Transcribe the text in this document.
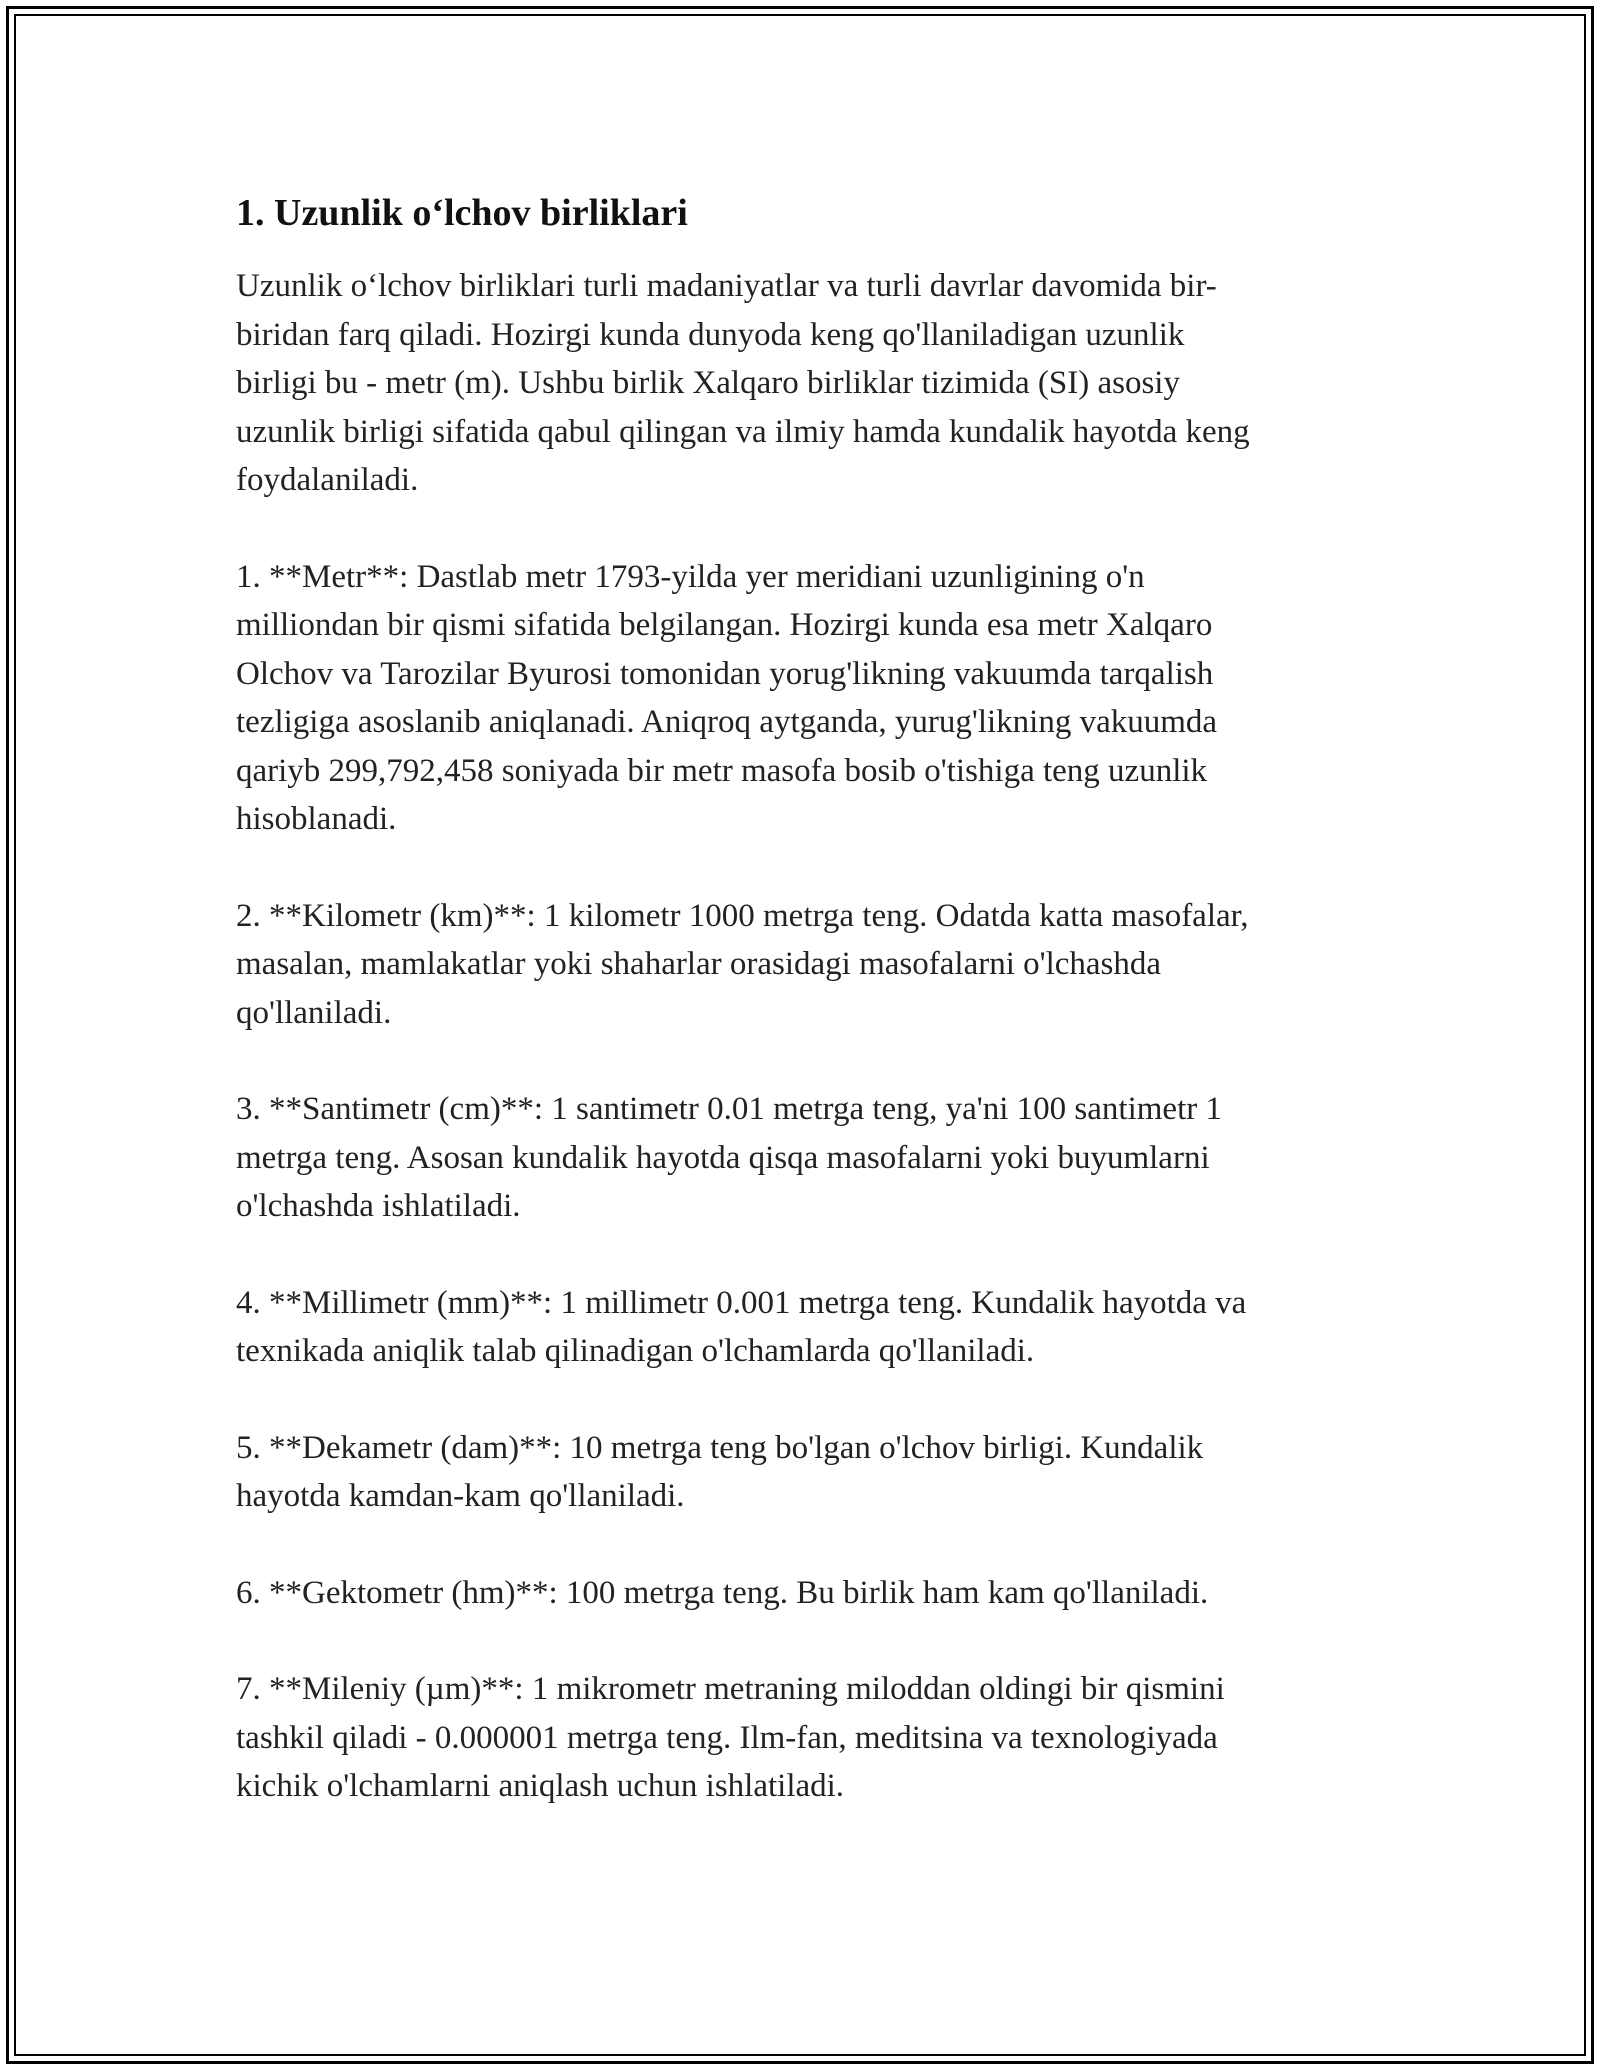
1. Uzunlik o‘lchov birliklari

Uzunlik o‘lchov birliklari turli madaniyatlar va turli davrlar davomida bir-
biridan farq qiladi. Hozirgi kunda dunyoda keng qo'llaniladigan uzunlik
birligi bu - metr (m). Ushbu birlik Xalqaro birliklar tizimida (SI) asosiy
uzunlik birligi sifatida qabul qilingan va ilmiy hamda kundalik hayotda keng
foydalaniladi.

1. **Metr**: Dastlab metr 1793-yilda yer meridiani uzunligining o'n
milliondan bir qismi sifatida belgilangan. Hozirgi kunda esa metr Xalqaro
Olchov va Tarozilar Byurosi tomonidan yorug'likning vakuumda tarqalish
tezligiga asoslanib aniqlanadi. Aniqroq aytganda, yurug'likning vakuumda
qariyb 299,792,458 soniyada bir metr masofa bosib o'tishiga teng uzunlik
hisoblanadi.

2. **Kilometr (km)**: 1 kilometr 1000 metrga teng. Odatda katta masofalar,
masalan, mamlakatlar yoki shaharlar orasidagi masofalarni o'lchashda
qo'llaniladi.

3. **Santimetr (cm)**: 1 santimetr 0.01 metrga teng, ya'ni 100 santimetr 1
metrga teng. Asosan kundalik hayotda qisqa masofalarni yoki buyumlarni
o'lchashda ishlatiladi.

4. **Millimetr (mm)**: 1 millimetr 0.001 metrga teng. Kundalik hayotda va
texnikada aniqlik talab qilinadigan o'lchamlarda qo'llaniladi.

5. **Dekametr (dam)**: 10 metrga teng bo'lgan o'lchov birligi. Kundalik
hayotda kamdan-kam qo'llaniladi.

6. **Gektometr (hm)**: 100 metrga teng. Bu birlik ham kam qo'llaniladi.

7. **Mileniy (µm)**: 1 mikrometr metraning miloddan oldingi bir qismini
tashkil qiladi - 0.000001 metrga teng. Ilm-fan, meditsina va texnologiyada
kichik o'lchamlarni aniqlash uchun ishlatiladi.
